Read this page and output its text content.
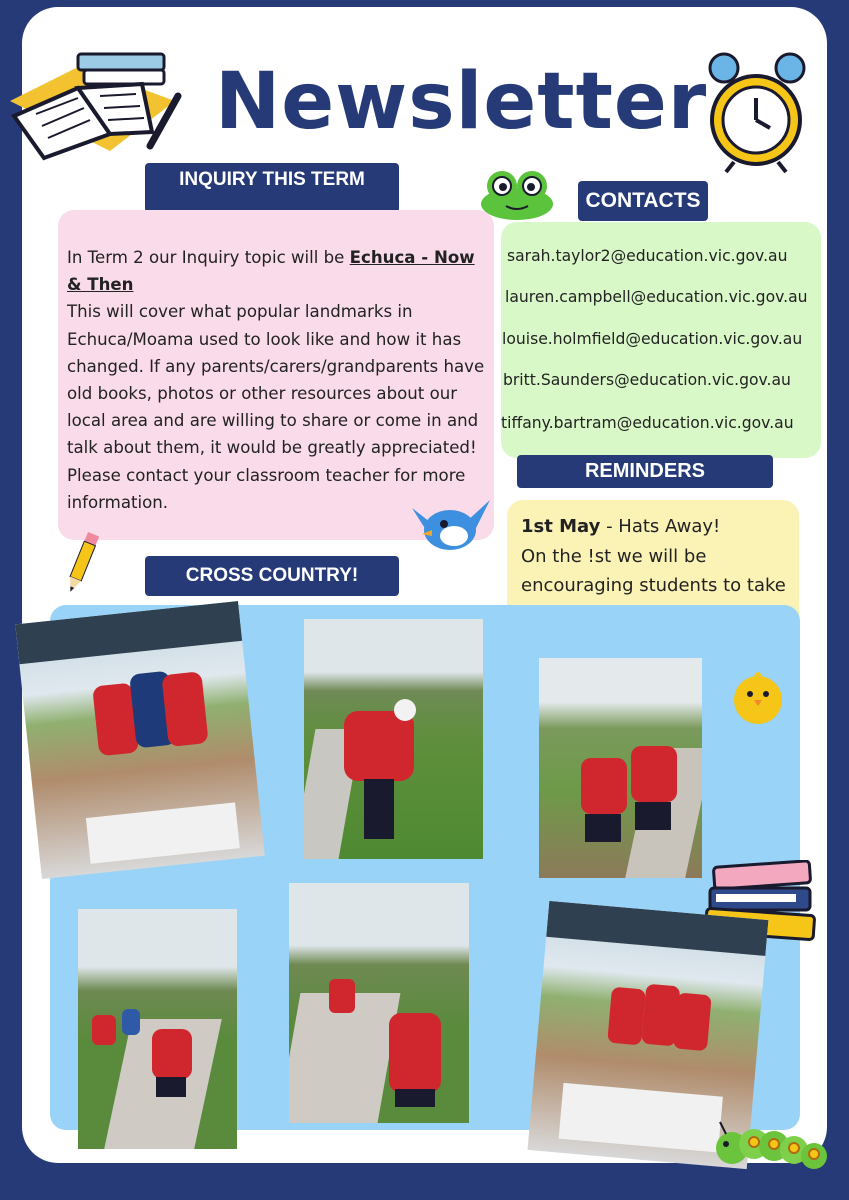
Newsletter
INQUIRY THIS TERM
CONTACTS
In Term 2 our Inquiry topic will be Echuca - Now & Then
This will cover what popular landmarks in Echuca/Moama used to look like and how it has changed. If any parents/carers/grandparents have old books, photos or other resources about our local area and are willing to share or come in and talk about them, it would be greatly appreciated! Please contact your classroom teacher for more information.
sarah.taylor2@education.vic.gov.au
lauren.campbell@education.vic.gov.au
louise.holmfield@education.vic.gov.au
britt.Saunders@education.vic.gov.au
tiffany.bartram@education.vic.gov.au
REMINDERS
1st May - Hats Away!
On the !st we will be encouraging students to take
CROSS COUNTRY!
